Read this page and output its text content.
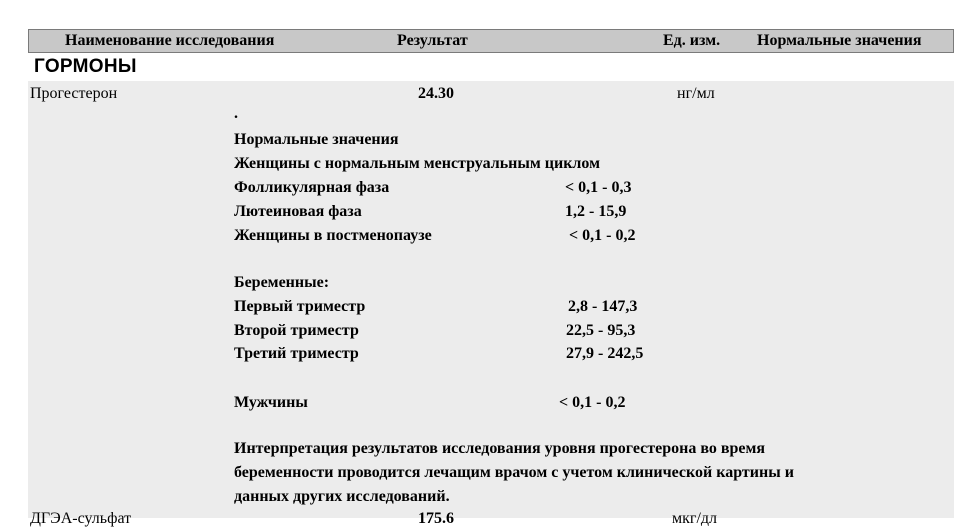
Наименование исследования	Результат	Ед. изм. Нормальные значения
ГОРМОНЫ
Прогестерон	24.30	нг/мл
.
Нормальные значения
Женщины с нормальным менструальным циклом
Фолликулярная фаза	< 0,1 - 0,3
Лютеиновая фаза	1,2 - 15,9
Женщины в постменопаузе	< 0,1 - 0,2
Беременные:
Первый триместр	2,8 - 147,3
Второй триместр	22,5 - 95,3
Третий триместр	27,9 - 242,5
Мужчины	< 0,1 - 0,2
Интерпретация результатов исследования уровня прогестерона во время
беременности проводится лечащим врачом с учетом клинической картины и
данных других исследований.
ДГЭА-сульфат	175.6	мкг/дл
